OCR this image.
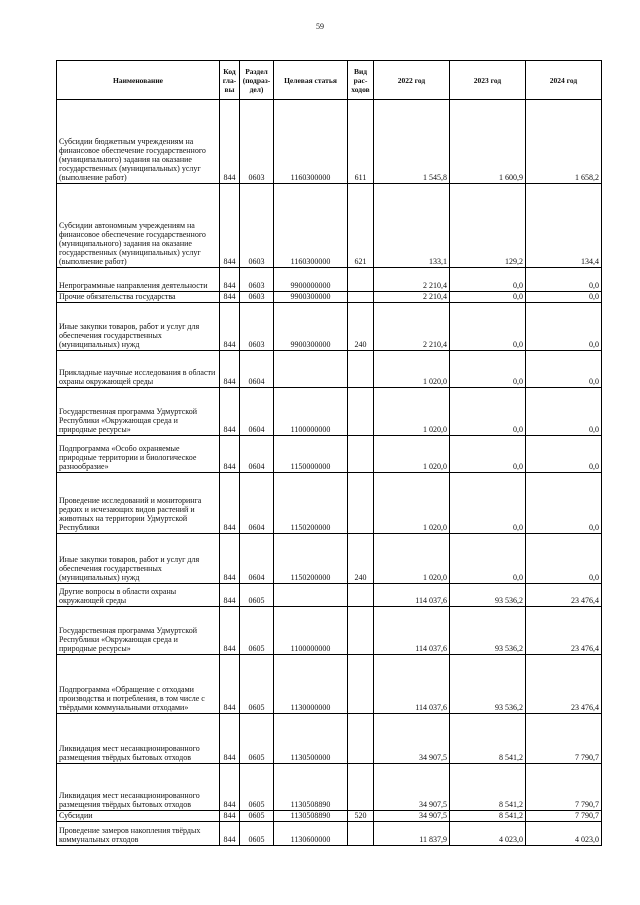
59
Наименование	Код гла- вы	Раздел (подраз- дел)	Целевая статья	Вид рас- ходов	2022 год	2023 год	2024 год
Субсидии бюджетным учреждениям на финансовое обеспечение государственного (муниципального) задания на оказание государственных (муниципальных) услуг (выполнение работ)	844	0603	1160300000	611	1 545,8	1 600,9	1 658,2
Субсидии автономным учреждениям на финансовое обеспечение государственного (муниципального) задания на оказание государственных (муниципальных) услуг (выполнение работ)	844	0603	1160300000	621	133,1	129,2	134,4
Непрограммные направления деятельности	844	0603	9900000000		2 210,4	0,0	0,0
Прочие обязательства государства	844	0603	9900300000		2 210,4	0,0	0,0
Иные закупки товаров, работ и услуг для обеспечения государственных (муниципальных) нужд	844	0603	9900300000	240	2 210,4	0,0	0,0
Прикладные научные исследования в области охраны окружающей среды	844	0604			1 020,0	0,0	0,0
Государственная программа Удмуртской Республики «Окружающая среда и природные ресурсы»	844	0604	1100000000		1 020,0	0,0	0,0
Подпрограмма «Особо охраняемые природные территории и биологическое разнообразие»	844	0604	1150000000		1 020,0	0,0	0,0
Проведение исследований и мониторинга редких и исчезающих видов растений и животных на территории Удмуртской Республики	844	0604	1150200000		1 020,0	0,0	0,0
Иные закупки товаров, работ и услуг для обеспечения государственных (муниципальных) нужд	844	0604	1150200000	240	1 020,0	0,0	0,0
Другие вопросы в области охраны окружающей среды	844	0605			114 037,6	93 536,2	23 476,4
Государственная программа Удмуртской Республики «Окружающая среда и природные ресурсы»	844	0605	1100000000		114 037,6	93 536,2	23 476,4
Подпрограмма «Обращение с отходами производства и потребления, в том числе с твёрдыми коммунальными отходами»	844	0605	1130000000		114 037,6	93 536,2	23 476,4
Ликвидация мест несанкционированного размещения твёрдых бытовых отходов	844	0605	1130500000		34 907,5	8 541,2	7 790,7
Ликвидация мест несанкционированного размещения твёрдых бытовых отходов	844	0605	1130508890		34 907,5	8 541,2	7 790,7
Субсидии	844	0605	1130508890	520	34 907,5	8 541,2	7 790,7
Проведение замеров накопления твёрдых коммунальных отходов	844	0605	1130600000		11 837,9	4 023,0	4 023,0
